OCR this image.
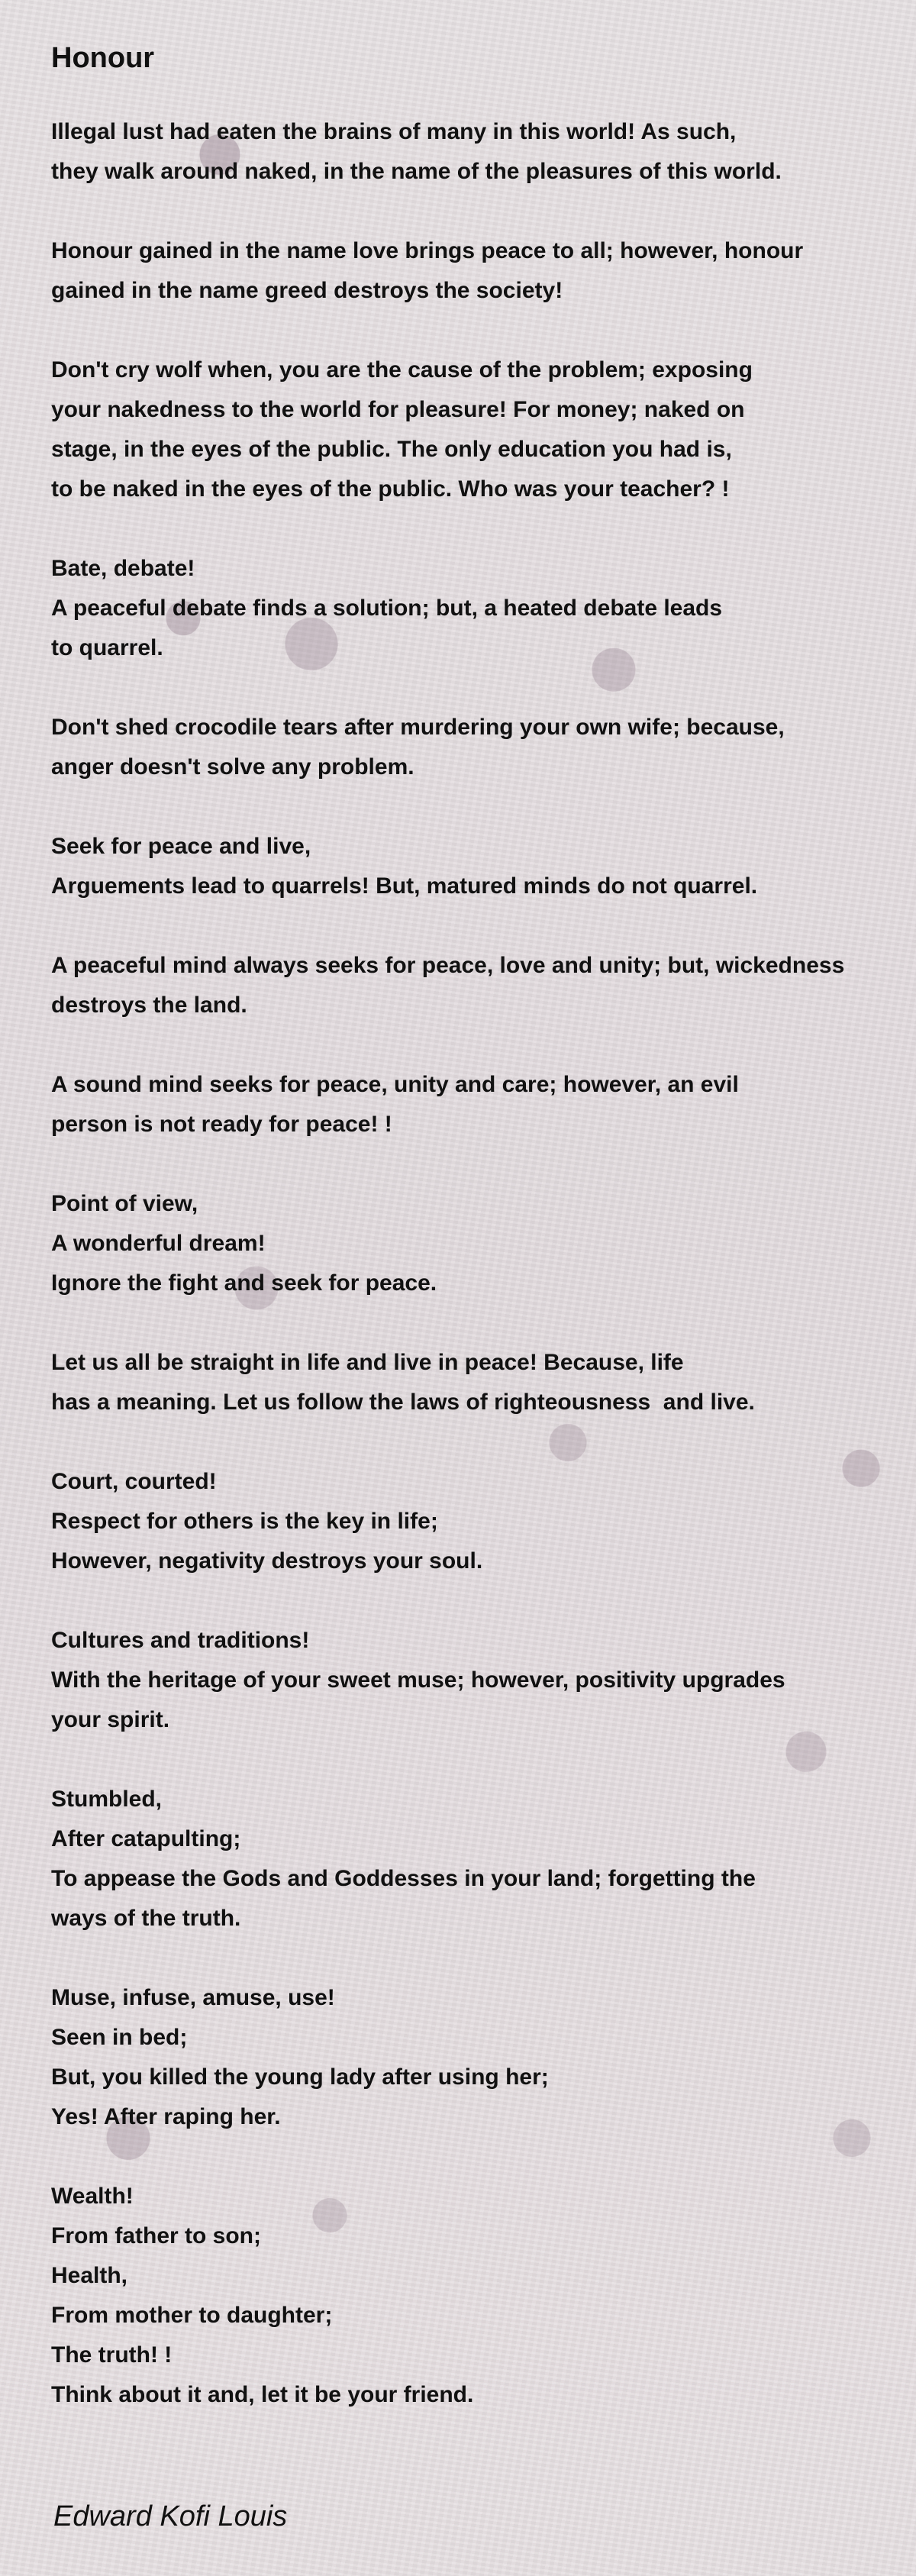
Honour

Illegal lust had eaten the brains of many in this world! As such,
they walk around naked, in the name of the pleasures of this world.

Honour gained in the name love brings peace to all; however, honour
gained in the name greed destroys the society!

Don't cry wolf when, you are the cause of the problem; exposing
your nakedness to the world for pleasure! For money; naked on
stage, in the eyes of the public. The only education you had is,
to be naked in the eyes of the public. Who was your teacher? !

Bate, debate!
A peaceful debate finds a solution; but, a heated debate leads
to quarrel.

Don't shed crocodile tears after murdering your own wife; because,
anger doesn't solve any problem.

Seek for peace and live,
Arguements lead to quarrels! But, matured minds do not quarrel.

A peaceful mind always seeks for peace, love and unity; but, wickedness
destroys the land.

A sound mind seeks for peace, unity and care; however, an evil
person is not ready for peace! !

Point of view,
A wonderful dream!
Ignore the fight and seek for peace.

Let us all be straight in life and live in peace! Because, life
has a meaning. Let us follow the laws of righteousness  and live.

Court, courted!
Respect for others is the key in life;
However, negativity destroys your soul.

Cultures and traditions!
With the heritage of your sweet muse; however, positivity upgrades
your spirit.

Stumbled,
After catapulting;
To appease the Gods and Goddesses in your land; forgetting the
ways of the truth.

Muse, infuse, amuse, use!
Seen in bed;
But, you killed the young lady after using her;
Yes! After raping her.

Wealth!
From father to son;
Health,
From mother to daughter;
The truth! !
Think about it and, let it be your friend.

Edward Kofi Louis
